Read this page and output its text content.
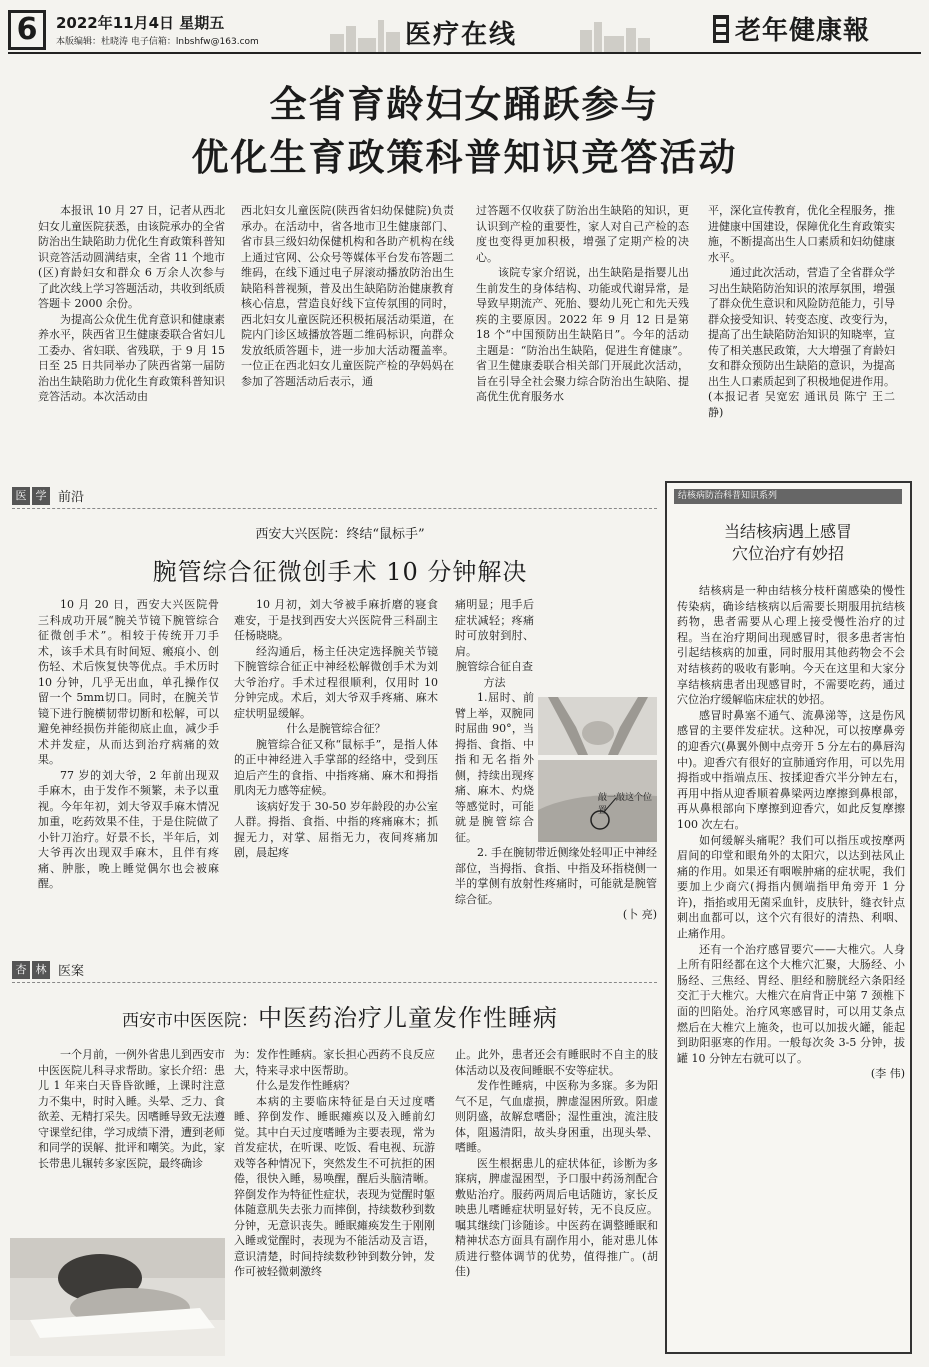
6	2022年11月4日 星期五
本版编辑：杜晓涛 电子信箱：lnbshfw@163.com	医疗在线	老年健康報
全省育龄妇女踊跃参与
优化生育政策科普知识竞答活动

本报讯 10 月 27 日，记者从西北妇女儿童医院获悉，由该院承办的全省防治出生缺陷助力优化生育政策科普知识竞答活动圆满结束，全省 11 个地市(区)育龄妇女和群众 6 万余人次参与了此次线上学习答题活动，共收到纸质答题卡 2000 余份。

为提高公众优生优育意识和健康素养水平，陕西省卫生健康委联合省妇儿工委办、省妇联、省残联，于 9 月 15 日至 25 日共同举办了陕西省第一届防治出生缺陷助力优化生育政策科普知识竞答活动。本次活动由

西北妇女儿童医院(陕西省妇幼保健院)负责承办。在活动中，省各地市卫生健康部门、省市县三级妇幼保健机构和各助产机构在线上通过官网、公众号等媒体平台发布答题二维码，在线下通过电子屏滚动播放防治出生缺陷科普视频，普及出生缺陷防治健康教育核心信息，营造良好线下宣传氛围的同时，西北妇女儿童医院还积极拓展活动渠道，在院内门诊区域播放答题二维码标识，向群众发放纸质答题卡，进一步加大活动覆盖率。一位正在西北妇女儿童医院产检的孕妈妈在参加了答题活动后表示，通

过答题不仅收获了防治出生缺陷的知识，更认识到产检的重要性，家人对自己产检的态度也变得更加积极，增强了定期产检的决心。

该院专家介绍说，出生缺陷是指婴儿出生前发生的身体结构、功能或代谢异常，是导致早期流产、死胎、婴幼儿死亡和先天残疾的主要原因。2022 年 9 月 12 日是第 18 个“中国预防出生缺陷日”。今年的活动主题是：“防治出生缺陷，促进生育健康”。省卫生健康委联合相关部门开展此次活动，旨在引导全社会聚力综合防治出生缺陷、提高优生优育服务水

平，深化宣传教育，优化全程服务，推进健康中国建设，保障优化生育政策实施，不断提高出生人口素质和妇幼健康水平。

通过此次活动，营造了全省群众学习出生缺陷防治知识的浓厚氛围，增强了群众优生意识和风险防范能力，引导群众接受知识、转变态度、改变行为，提高了出生缺陷防治知识的知晓率，宣传了相关惠民政策，大大增强了育龄妇女和群众预防出生缺陷的意识，为提高出生人口素质起到了积极地促进作用。(本报记者 吴宽宏 通讯员 陈宁 王二静)

医 学 前沿
西安大兴医院：终结“鼠标手”
腕管综合征微创手术 10 分钟解决

10 月 20 日，西安大兴医院骨三科成功开展“腕关节镜下腕管综合征微创手术”。相较于传统开刀手术，该手术具有时间短、瘢痕小、创伤轻、术后恢复快等优点。手术历时 10 分钟，几乎无出血，单孔操作仅留一个 5mm切口。同时，在腕关节镜下进行腕横韧带切断和松解，可以避免神经损伤并能彻底止血，减少手术并发症，从而达到治疗病痛的效果。

77 岁的刘大爷，2 年前出现双手麻木，由于发作不频繁，未予以重视。今年年初，刘大爷双手麻木情况加重，吃药效果不佳，于是住院做了小针刀治疗。好景不长，半年后，刘大爷再次出现双手麻木，且伴有疼痛、肿胀，晚上睡觉偶尔也会被麻醒。

10 月初，刘大爷被手麻折磨的寝食难安，于是找到西安大兴医院骨三科副主任杨晓晓。

经沟通后，杨主任决定选择腕关节镜下腕管综合征正中神经松解微创手术为刘大爷治疗。手术过程很顺利，仅用时 10 分钟完成。术后，刘大爷双手疼痛、麻木症状明显缓解。

什么是腕管综合征？

腕管综合征又称“鼠标手”，是指人体的正中神经进入手掌部的经络中，受到压迫后产生的食指、中指疼痛、麻木和拇指肌肉无力感等症候。

该病好发于 30-50 岁年龄段的办公室人群。拇指、食指、中指的疼痛麻木；抓握无力，对掌、屈指无力，夜间疼痛加剧，晨起疼

痛明显；甩手后症状减轻；疼痛时可放射到肘、肩。

腕管综合征自查方法

1.屈时、前臂上举，双腕同时屈曲 90°，当拇指、食指、中指和无名指外侧，持续出现疼痛、麻木、灼烧等感觉时，可能就是腕管综合征。

2. 手在腕韧带近侧缘处轻叩正中神经部位，当拇指、食指、中指及环指桡侧一半的掌侧有放射性疼痛时，可能就是腕管综合征。

(卜 亮)

敲一敲这个位置
杏 林 医案
西安市中医医院：中医药治疗儿童发作性睡病

一个月前，一例外省患儿到西安市中医医院儿科寻求帮助。家长介绍：患儿 1 年来白天昏昏欲睡，上课时注意力不集中，时时入睡。头晕、乏力、食欲差、无精打采失。因嗜睡导致无法遵守课堂纪律，学习成绩下滑，遭到老师和同学的误解、批评和嘲笑。为此，家长带患儿辗转多家医院，最终确诊

为：发作性睡病。家长担心西药不良反应大，特来寻求中医帮助。

什么是发作性睡病？

本病的主要临床特征是白天过度嗜睡、猝倒发作、睡眠瘫痪以及入睡前幻觉。其中白天过度嗜睡为主要表现，常为首发症状，在听课、吃饭、看电视、玩游戏等各种情况下，突然发生不可抗拒的困倦，很快入睡，易唤醒，醒后头脑清晰。猝倒发作为特征性症状，表现为觉醒时躯体随意肌失去张力而摔倒，持续数秒到数分钟，无意识丧失。睡眠瘫痪发生于刚刚入睡或觉醒时，表现为不能活动及言语，意识清楚，时间持续数秒钟到数分钟，发作可被轻微刺激终

止。此外，患者还会有睡眠时不自主的肢体活动以及夜间睡眠不安等症状。

发作性睡病，中医称为多寐。多为阳气不足，气血虚损，脾虚湿困所致。阳虚则阴盛，故解怠嗜卧；湿性重浊，流注肢体，阻遏清阳，故头身困重，出现头晕、嗜睡。

医生根据患儿的症状体征，诊断为多寐病，脾虚湿困型，予口服中药汤剂配合敷贴治疗。服药两周后电话随访，家长反映患儿嗜睡症状明显好转，无不良反应。嘱其继续门诊随诊。中医药在调整睡眠和精神状态方面具有副作用小，能对患儿体质进行整体调节的优势，值得推广。(胡 佳)

结核病防治科普知识系列
当结核病遇上感冒
穴位治疗有妙招

结核病是一种由结核分枝杆菌感染的慢性传染病，确诊结核病以后需要长期服用抗结核药物，患者需要从心理上接受慢性治疗的过程。当在治疗期间出现感冒时，很多患者害怕引起结核病的加重，同时服用其他药物会不会对结核药的吸收有影响。今天在这里和大家分享结核病患者出现感冒时，不需要吃药，通过穴位治疗缓解临床症状的妙招。

感冒时鼻塞不通气、流鼻涕等，这是伤风感冒的主要伴发症状。这种况，可以按摩鼻旁的迎香穴(鼻翼外侧中点旁开 5 分左右的鼻唇沟中)。迎香穴有很好的宣肺通窍作用，可以先用拇指或中指端点压、按揉迎香穴半分钟左右，再用中指从迎香顺着鼻梁两边摩擦到鼻根部，再从鼻根部向下摩擦到迎香穴，如此反复摩擦 100 次左右。

如何缓解头痛呢？我们可以指压或按摩两眉间的印堂和眼角外的太阳穴，以达到祛风止痛的作用。如果还有咽喉肿痛的症状呢，我们要加上少商穴(拇指内侧端指甲角旁开 1 分许)，指掐或用无菌采血针，皮肤针，缝衣针点刺出血都可以，这个穴有很好的清热、利咽、止痛作用。

还有一个治疗感冒要穴——大椎穴。人身上所有阳经都在这个大椎穴汇聚，大肠经、小肠经、三焦经、胃经、胆经和膀胱经六条阳经交汇于大椎穴。大椎穴在肩背正中第 7 颈椎下面的凹陷处。治疗风寒感冒时，可以用艾条点燃后在大椎穴上施灸，也可以加拔火罐，能起到助阳驱寒的作用。一般每次灸 3-5 分钟，拔罐 10 分钟左右就可以了。

(李 伟)
